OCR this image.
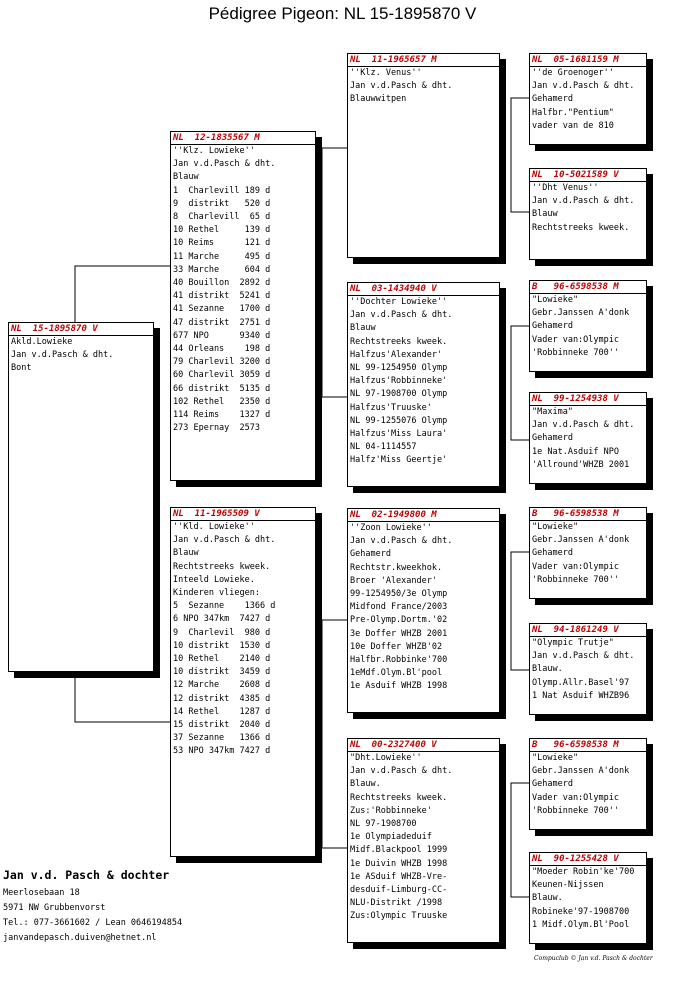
Pédigree Pigeon: NL 15-1895870 V
NL  15-1895870 V
Akld.Lowieke
Jan v.d.Pasch & dht.
Bont
NL  12-1835567 M
''Klz. Lowieke''
Jan v.d.Pasch & dht.
Blauw
1  Charlevill 189 d
9  distrikt   520 d
8  Charlevill  65 d
10 Rethel     139 d
10 Reims      121 d
11 Marche     495 d
33 Marche     604 d
40 Bouillon  2892 d
41 distrikt  5241 d
41 Sezanne   1700 d
47 distrikt  2751 d
677 NPO      9340 d
44 Orleans    198 d
79 Charlevil 3200 d
60 Charlevil 3059 d
66 distrikt  5135 d
102 Rethel   2350 d
114 Reims    1327 d
273 Epernay  2573
NL  11-1965509 V
''Kld. Lowieke''
Jan v.d.Pasch & dht.
Blauw
Rechtstreeks kweek.
Inteeld Lowieke.
Kinderen vliegen:
5  Sezanne    1366 d
6 NPO 347km  7427 d
9  Charlevil  980 d
10 distrikt  1530 d
10 Rethel    2140 d
10 distrikt  3459 d
12 Marche    2608 d
12 distrikt  4385 d
14 Rethel    1287 d
15 distrikt  2040 d
37 Sezanne   1366 d
53 NPO 347km 7427 d
NL  11-1965657 M
''Klz. Venus''
Jan v.d.Pasch & dht.
Blauwwitpen
NL  03-1434940 V
''Dochter Lowieke''
Jan v.d.Pasch & dht.
Blauw
Rechtstreeks kweek.
Halfzus'Alexander'
NL 99-1254950 Olymp
Halfzus'Robbinneke'
NL 97-1908700 Olymp
Halfzus'Truuske'
NL 99-1255076 Olymp
Halfzus'Miss Laura'
NL 04-1114557
Halfz'Miss Geertje'
NL  02-1949800 M
''Zoon Lowieke''
Jan v.d.Pasch & dht.
Gehamerd
Rechtstr.kweekhok.
Broer 'Alexander'
99-1254950/3e Olymp
Midfond France/2003
Pre-Olymp.Dortm.'02
3e Doffer WHZB 2001
10e Doffer WHZB'02
Halfbr.Robbinke'700
1eMdf.Olym.Bl'pool
1e Asduif WHZB 1998
NL  00-2327400 V
"Dht.Lowieke''
Jan v.d.Pasch & dht.
Blauw.
Rechtstreeks kweek.
Zus:'Robbinneke'
NL 97-1908700
1e Olympiadeduif
Midf.Blackpool 1999
1e Duivin WHZB 1998
1e ASduif WHZB-Vre-
desduif-Limburg-CC-
NLU-Distrikt /1998
Zus:Olympic Truuske
NL  05-1681159 M
''de Groenoger''
Jan v.d.Pasch & dht.
Gehamerd
Halfbr."Pentium"
vader van de 810
NL  10-5021589 V
''Dht Venus''
Jan v.d.Pasch & dht.
Blauw
Rechtstreeks kweek.
B   96-6598538 M
"Lowieke"
Gebr.Janssen A'donk
Gehamerd
Vader van:Olympic
'Robbinneke 700''
NL  99-1254938 V
"Maxima"
Jan v.d.Pasch & dht.
Gehamerd
1e Nat.Asduif NPO
'Allround'WHZB 2001
B   96-6598538 M
"Lowieke"
Gebr.Janssen A'donk
Gehamerd
Vader van:Olympic
'Robbinneke 700''
NL  94-1861249 V
"Olympic Trutje"
Jan v.d.Pasch & dht.
Blauw.
Olymp.Allr.Basel'97
1 Nat Asduif WHZB96
B   96-6598538 M
"Lowieke"
Gebr.Janssen A'donk
Gehamerd
Vader van:Olympic
'Robbinneke 700''
NL  90-1255428 V
"Moeder Robin'ke'700
Keunen-Nijssen
Blauw.
Robineke'97-1908700
1 Midf.Olym.Bl'Pool
Jan v.d. Pasch & dochter
Meerlosebaan 18
5971 NW Grubbenvorst
Tel.: 077-3661602 / Lean 0646194854
janvandepasch.duiven@hetnet.nl
Compuclub © Jan v.d. Pasch & dochter
